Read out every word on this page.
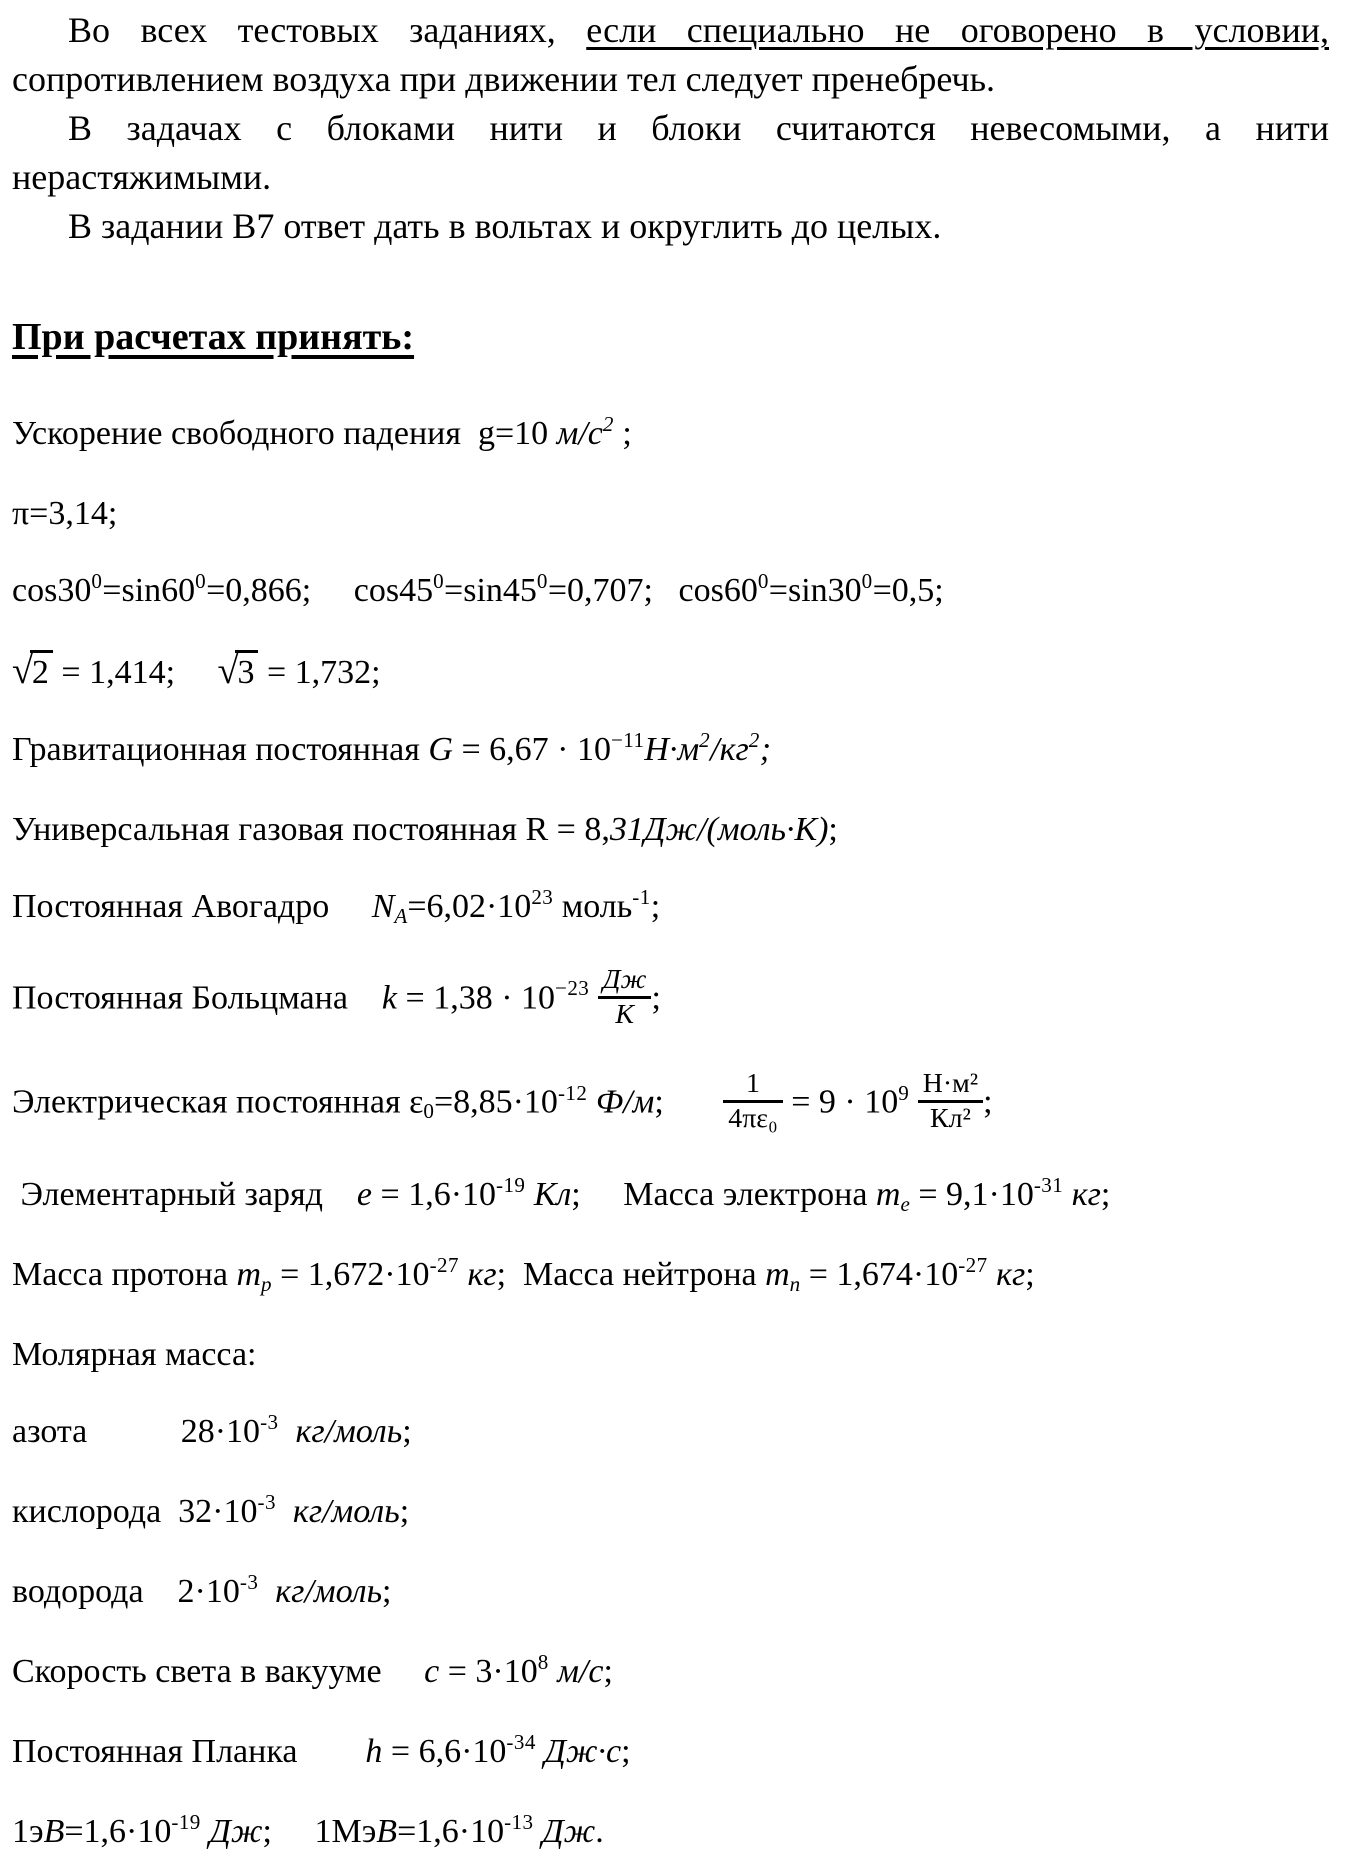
Во всех тестовых заданиях, если специально не оговорено в условии, сопротивлением воздуха при движении тел следует пренебречь.

В задачах с блоками нити и блоки считаются невесомыми, а нити нерастяжимыми.

В задании В7 ответ дать в вольтах и округлить до целых.

При расчетах принять:
Ускорение свободного падения  g=10 $м/с^2$ ;
π=3,14;
$\cos 30^0=\sin 60^0=0,866$;     $\cos 45^0=\sin 45^0=0,707$;   $\cos 60^0=\sin 30^0=0,5$;
√2 = 1,414;     √3 = 1,732;
Гравитационная постоянная $G = 6,67 \cdot 10^{-11}Н\cdot м^2/кг^2$;
Универсальная газовая постоянная R = 8,31Дж/(моль·К);
Постоянная Авогадро     $NA=6,02\cdot 10^{23}$ моль$^{-1}$;
Постоянная Больцмана    $k = 1,38 \cdot 10^{-23} \frac{Дж}{К}$ ;
Электрическая постоянная $\varepsilon 0=8,85\cdot 10^{-12}$ Ф/м; $\frac{1}{\text{4πε₀}} = 9 \cdot 10^9 \frac{\text{Н·м²}}{\text{Кл²}}$ ;
Элементарный заряд    $е = 1,6\cdot 10^{-19}$ Кл;     Масса электрона me = $9,1\cdot 10^{-31}$ кг;
Масса протона mp = $1,672\cdot 10^{-27}$ кг;  Масса нейтрона mn = $1,674\cdot 10^{-27}$ кг;
Молярная масса:
азота           $28\cdot 10^{-3}$ кг/моль;
кислорода  $32\cdot 10^{-3}$ кг/моль;
водорода    $2\cdot 10^{-3}$ кг/моль;
Скорость света в вакууме     $с = 3\cdot 10^8$ м/с;
Постоянная Планка        $h = 6,6\cdot 10^{-34}$ Дж·с;
$1эВ=1,6\cdot 10^{-19}$ Дж;     $1МэВ=1,6\cdot 10^{-13}$ Дж.
